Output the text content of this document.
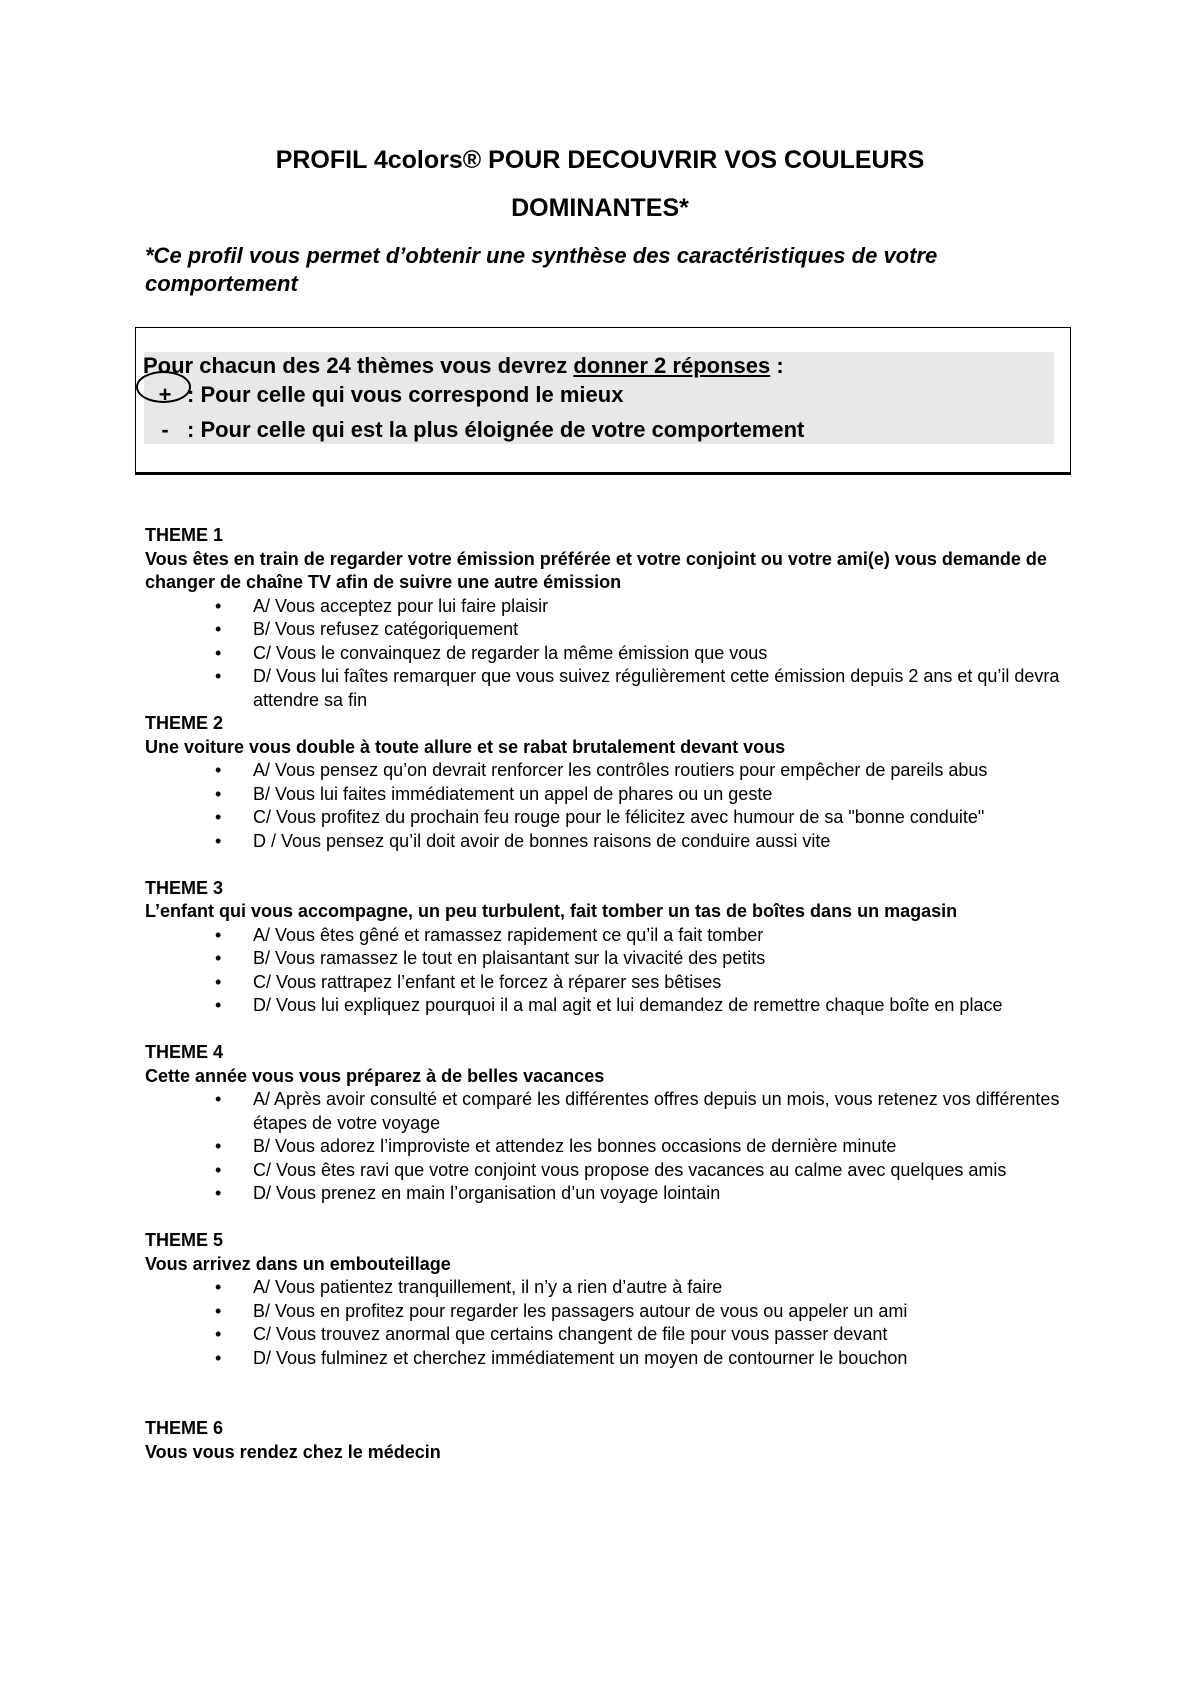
PROFIL 4colors® POUR DECOUVRIR VOS COULEURS
DOMINANTES*
*Ce profil vous permet d’obtenir une synthèse des caractéristiques de votre comportement
Pour chacun des 24 thèmes vous devrez donner 2 réponses :
+ : Pour celle qui vous correspond le mieux
- : Pour celle qui est la plus éloignée de votre comportement
THEME 1
Vous êtes en train de regarder votre émission préférée et votre conjoint ou votre ami(e) vous demande de changer de chaîne TV afin de suivre une autre émission
• A/ Vous acceptez pour lui faire plaisir
• B/ Vous refusez catégoriquement
• C/ Vous le convainquez de regarder la même émission que vous
• D/ Vous lui faîtes remarquer que vous suivez régulièrement cette émission depuis 2 ans et qu’il devra attendre sa fin
THEME 2
Une voiture vous double à toute allure et se rabat brutalement devant vous
• A/ Vous pensez qu’on devrait renforcer les contrôles routiers pour empêcher de pareils abus
• B/ Vous lui faites immédiatement un appel de phares ou un geste
• C/ Vous profitez du prochain feu rouge pour le félicitez avec humour de sa "bonne conduite"
• D / Vous pensez qu’il doit avoir de bonnes raisons de conduire aussi vite
THEME 3
L’enfant qui vous accompagne, un peu turbulent, fait tomber un tas de boîtes dans un magasin
• A/ Vous êtes gêné et ramassez rapidement ce qu’il a fait tomber
• B/ Vous ramassez le tout en plaisantant sur la vivacité des petits
• C/ Vous rattrapez l’enfant et le forcez à réparer ses bêtises
• D/ Vous lui expliquez pourquoi il a mal agit et lui demandez de remettre chaque boîte en place
THEME 4
Cette année vous vous préparez à de belles vacances
• A/ Après avoir consulté et comparé les différentes offres depuis un mois, vous retenez vos différentes étapes de votre voyage
• B/ Vous adorez l’improviste et attendez les bonnes occasions de dernière minute
• C/ Vous êtes ravi que votre conjoint vous propose des vacances au calme avec quelques amis
• D/ Vous prenez en main l’organisation d’un voyage lointain
THEME 5
Vous arrivez dans un embouteillage
• A/ Vous patientez tranquillement, il n’y a rien d’autre à faire
• B/ Vous en profitez pour regarder les passagers autour de vous ou appeler un ami
• C/ Vous trouvez anormal que certains changent de file pour vous passer devant
• D/ Vous fulminez et cherchez immédiatement un moyen de contourner le bouchon
THEME 6
Vous vous rendez chez le médecin
